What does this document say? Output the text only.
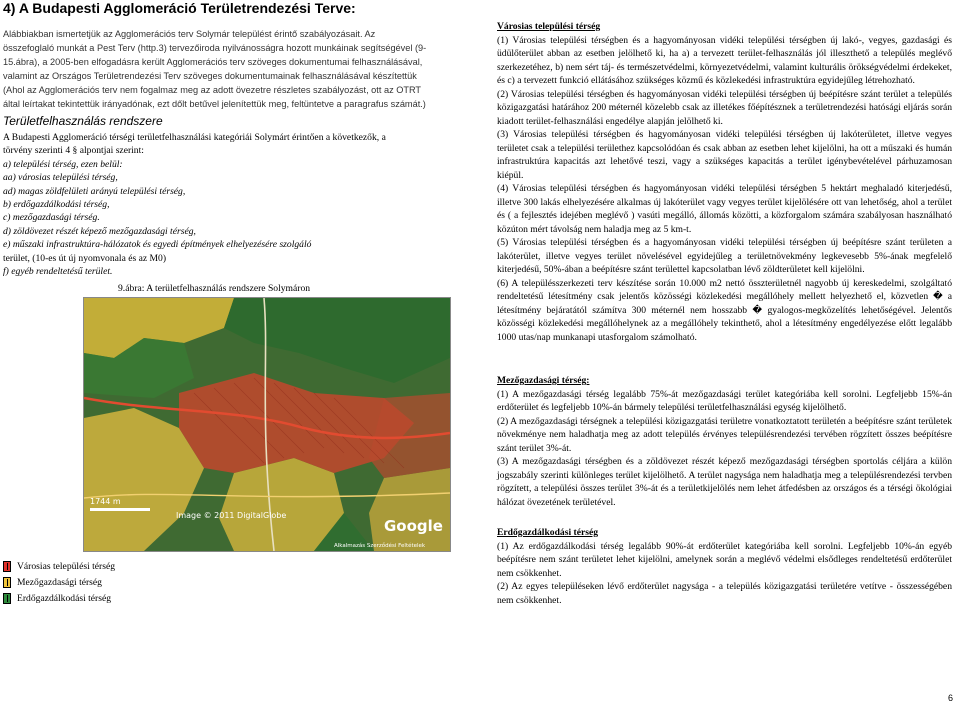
4) A Budapesti Agglomeráció Területrendezési Terve:

Alábbiakban ismertetjük az Agglomerációs terv Solymár települést érintő szabályozásait. Az

összefoglaló munkát a Pest Terv (http.3) tervezőiroda nyilvánosságra hozott munkáinak segítségével (9-

15.ábra), a 2005-ben elfogadásra került Agglomerációs terv szöveges dokumentumai felhasználásával,

valamint az Országos Területrendezési Terv szöveges dokumentumainak felhasználásával készítettük

(Ahol az Agglomerációs terv nem fogalmaz meg az adott övezetre részletes szabályozást, ott az OTRT

által leírtakat tekintettük irányadónak, ezt dőlt betűvel jelenítettük meg, feltüntetve a paragrafus számát.)

Területfelhasználás rendszere

A Budapesti Agglomeráció térségi területfelhasználási kategóriái Solymárt érintően a következők, a

törvény szerinti 4 § alpontjai szerint:

a) települési térség, ezen belül:

aa) városias települési térség,

ad) magas zöldfelületi arányú települési térség,

b) erdőgazdálkodási térség,

c) mezőgazdasági térség.

d) zöldövezet részét képező mezőgazdasági térség,

e) műszaki infrastruktúra-hálózatok és egyedi építmények elhelyezésére szolgáló

terület, (10-es út új nyomvonala és az M0)

f) egyéb rendeltetésű terület.

9.ábra: A területfelhasználás rendszere Solymáron
1744 m
Image © 2011 DigitalGlobe
Google
Alkalmazás Szerződési Feltételek
Városias települési térség
Mezőgazdasági térség
Erdőgazdálkodási térség

Városias települési térség

(1) Városias települési térségben és a hagyományosan vidéki települési térségben új lakó-, vegyes, gazdasági és üdülőterület abban az esetben jelölhető ki, ha a) a tervezett terület-felhasználás jól illeszthető a település meglévő szerkezetéhez, b) nem sért táj- és természetvédelmi, környezetvédelmi, valamint kulturális örökségvédelmi érdekeket, és c) a tervezett funkció ellátásához szükséges közmű és közlekedési infrastruktúra egyidejűleg létrehozható.

(2) Városias települési térségben és hagyományosan vidéki települési térségben új beépítésre szánt terület a település közigazgatási határához 200 méternél közelebb csak az illetékes főépítésznek a területrendezési hatósági eljárás során kiadott terület-felhasználási engedélye alapján jelölhető ki.

(3) Városias települési térségben és hagyományosan vidéki települési térségben új lakóterületet, illetve vegyes területet csak a települési területhez kapcsolódóan és csak abban az esetben lehet kijelölni, ha ott a műszaki és humán infrastruktúra kapacitás azt lehetővé teszi, vagy a szükséges kapacitás a terület igénybevételével párhuzamosan kiépül.

(4) Városias települési térségben és hagyományosan vidéki települési térségben 5 hektárt meghaladó kiterjedésű, illetve 300 lakás elhelyezésére alkalmas új lakóterület vagy vegyes terület kijelölésére ott van lehetőség, ahol a terület és ( a fejlesztés idejében meglévő ) vasúti megálló, állomás közötti, a közforgalom számára szabályosan használható közúton mért távolság nem haladja meg az 5 km-t.

(5) Városias települési térségben és a hagyományosan vidéki települési térségben új beépítésre szánt területen a lakóterület, illetve vegyes terület növelésével egyidejűleg a területnövekmény legkevesebb 5%-ának megfelelő kiterjedésű, 50%-ában a beépítésre szánt területtel kapcsolatban lévő zöldterületet kell kijelölni.

(6) A településszerkezeti terv készítése során 10.000 m2 nettó összterületnél nagyobb új kereskedelmi, szolgáltató rendeltetésű létesítmény csak jelentős közösségi közlekedési megállóhely mellett helyezhető el, közvetlen � a létesítmény bejáratától számítva 300 méternél nem hosszabb � gyalogos-megközelítés lehetőségével. Jelentős közösségi közlekedési megállóhelynek az a megállóhely tekinthető, ahol a létesítmény engedélyezése előtt legalább 1000 utas/nap munkanapi utasforgalom számolható.

Mezőgazdasági térség:

(1) A mezőgazdasági térség legalább 75%-át mezőgazdasági terület kategóriába kell sorolni. Legfeljebb 15%-án erdőterület és legfeljebb 10%-án bármely települési területfelhasználási egység kijelölhető.

(2) A mezőgazdasági térségnek a települési közigazgatási területre vonatkoztatott területén a beépítésre szánt területek növekménye nem haladhatja meg az adott település érvényes településrendezési tervében rögzített összes beépítésre szánt terület 3%-át.

(3) A mezőgazdasági térségben és a zöldövezet részét képező mezőgazdasági térségben sportolás céljára a külön jogszabály szerinti különleges terület kijelölhető. A terület nagysága nem haladhatja meg a településrendezési tervben rögzített, a települési összes terület 3%-át és a területkijelölés nem lehet átfedésben az országos és a térségi ökológiai hálózat övezetének területével.

Erdőgazdálkodási térség

(1) Az erdőgazdálkodási térség legalább 90%-át erdőterület kategóriába kell sorolni. Legfeljebb 10%-án egyéb beépítésre nem szánt területet lehet kijelölni, amelynek során a meglévő védelmi elsődleges rendeltetésű erdőterület nem csökkenhet.

(2) Az egyes településeken lévő erdőterület nagysága - a település közigazgatási területére vetítve - összességében nem csökkenhet.

6
